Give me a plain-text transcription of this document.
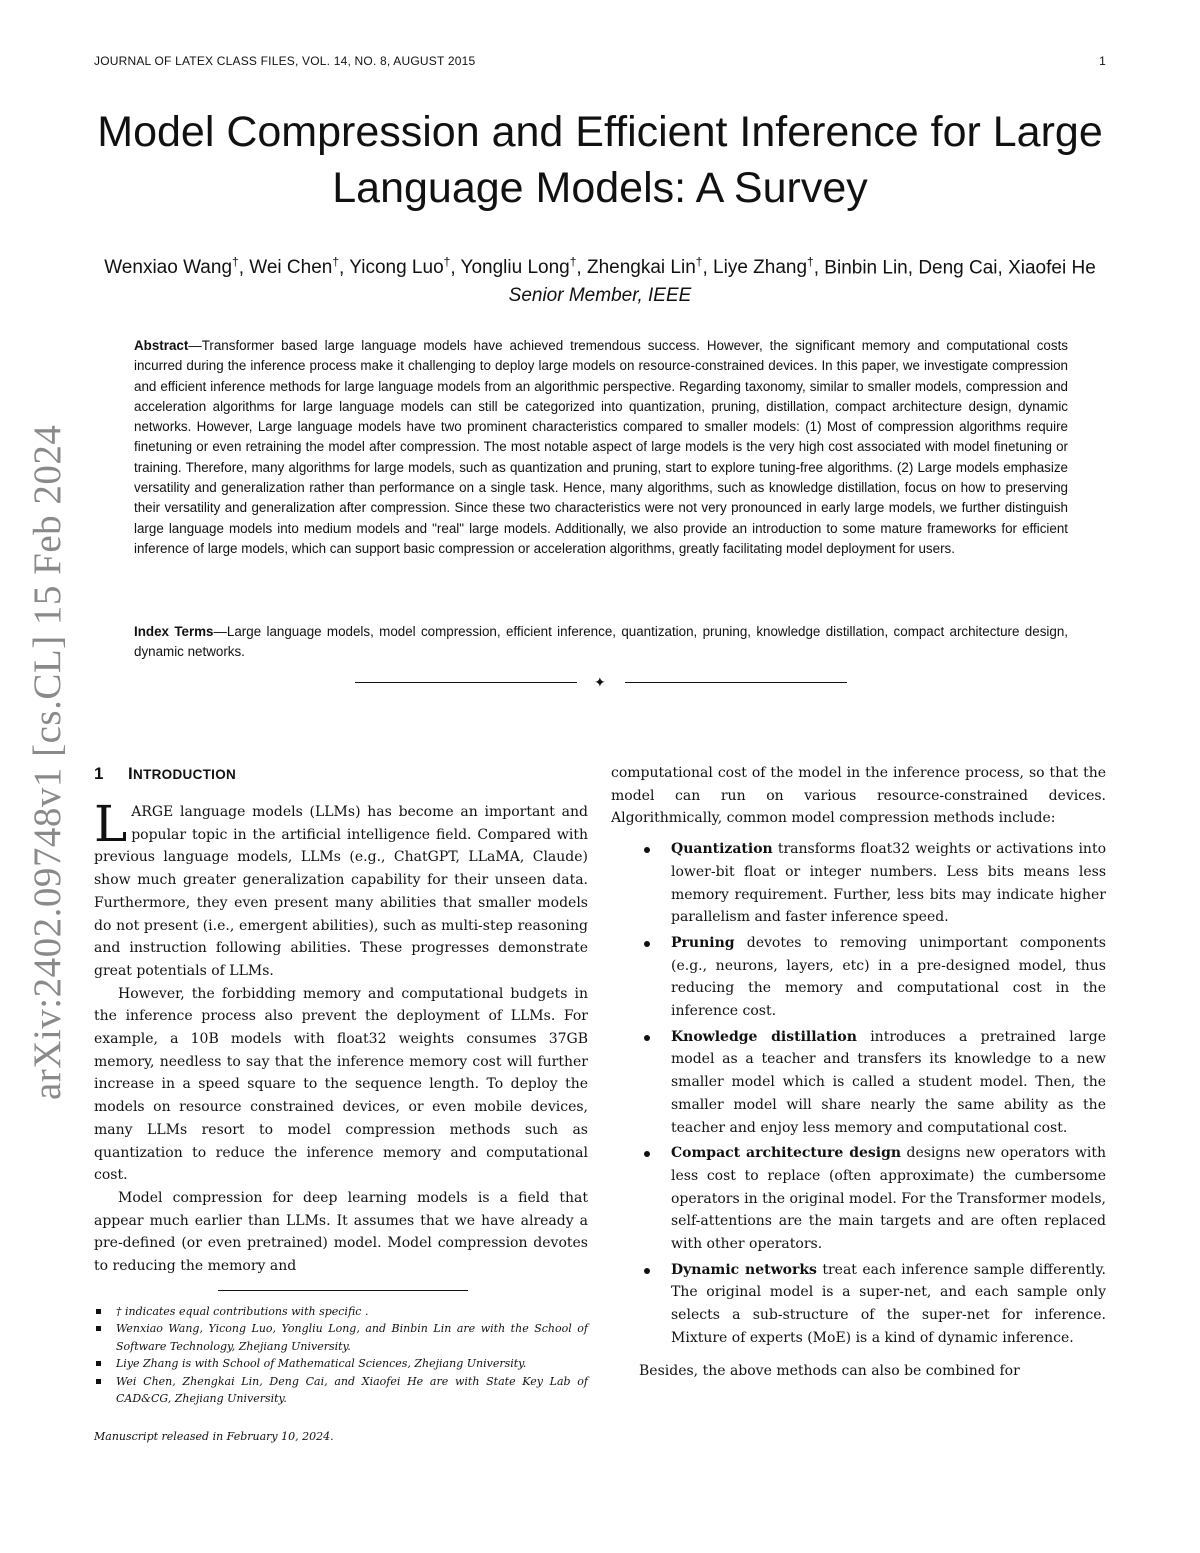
JOURNAL OF LATEX CLASS FILES, VOL. 14, NO. 8, AUGUST 2015	1
arXiv:2402.09748v1 [cs.CL] 15 Feb 2024
Model Compression and Efficient Inference for Large Language Models: A Survey
Wenxiao Wang†, Wei Chen†, Yicong Luo†, Yongliu Long†, Zhengkai Lin†, Liye Zhang†, Binbin Lin, Deng Cai, Xiaofei He Senior Member, IEEE
Abstract—Transformer based large language models have achieved tremendous success. However, the significant memory and computational costs incurred during the inference process make it challenging to deploy large models on resource-constrained devices. In this paper, we investigate compression and efficient inference methods for large language models from an algorithmic perspective. Regarding taxonomy, similar to smaller models, compression and acceleration algorithms for large language models can still be categorized into quantization, pruning, distillation, compact architecture design, dynamic networks. However, Large language models have two prominent characteristics compared to smaller models: (1) Most of compression algorithms require finetuning or even retraining the model after compression. The most notable aspect of large models is the very high cost associated with model finetuning or training. Therefore, many algorithms for large models, such as quantization and pruning, start to explore tuning-free algorithms. (2) Large models emphasize versatility and generalization rather than performance on a single task. Hence, many algorithms, such as knowledge distillation, focus on how to preserving their versatility and generalization after compression. Since these two characteristics were not very pronounced in early large models, we further distinguish large language models into medium models and "real" large models. Additionally, we also provide an introduction to some mature frameworks for efficient inference of large models, which can support basic compression or acceleration algorithms, greatly facilitating model deployment for users.
Index Terms—Large language models, model compression, efficient inference, quantization, pruning, knowledge distillation, compact architecture design, dynamic networks.
✦
1 INTRODUCTION

LARGE language models (LLMs) has become an important and popular topic in the artificial intelligence field. Compared with previous language models, LLMs (e.g., ChatGPT, LLaMA, Claude) show much greater generalization capability for their unseen data. Furthermore, they even present many abilities that smaller models do not present (i.e., emergent abilities), such as multi-step reasoning and instruction following abilities. These progresses demonstrate great potentials of LLMs.

However, the forbidding memory and computational budgets in the inference process also prevent the deployment of LLMs. For example, a 10B models with float32 weights consumes 37GB memory, needless to say that the inference memory cost will further increase in a speed square to the sequence length. To deploy the models on resource constrained devices, or even mobile devices, many LLMs resort to model compression methods such as quantization to reduce the inference memory and computational cost.

Model compression for deep learning models is a field that appear much earlier than LLMs. It assumes that we have already a pre-defined (or even pretrained) model. Model compression devotes to reducing the memory and

† indicates equal contributions with specific .
Wenxiao Wang, Yicong Luo, Yongliu Long, and Binbin Lin are with the School of Software Technology, Zhejiang University.
Liye Zhang is with School of Mathematical Sciences, Zhejiang University.
Wei Chen, Zhengkai Lin, Deng Cai, and Xiaofei He are with State Key Lab of CAD&CG, Zhejiang University.
Manuscript released in February 10, 2024.

computational cost of the model in the inference process, so that the model can run on various resource-constrained devices. Algorithmically, common model compression methods include:

Quantization transforms float32 weights or activations into lower-bit float or integer numbers. Less bits means less memory requirement. Further, less bits may indicate higher parallelism and faster inference speed.
Pruning devotes to removing unimportant components (e.g., neurons, layers, etc) in a pre-designed model, thus reducing the memory and computational cost in the inference cost.
Knowledge distillation introduces a pretrained large model as a teacher and transfers its knowledge to a new smaller model which is called a student model. Then, the smaller model will share nearly the same ability as the teacher and enjoy less memory and computational cost.
Compact architecture design designs new operators with less cost to replace (often approximate) the cumbersome operators in the original model. For the Transformer models, self-attentions are the main targets and are often replaced with other operators.
Dynamic networks treat each inference sample differently. The original model is a super-net, and each sample only selects a sub-structure of the super-net for inference. Mixture of experts (MoE) is a kind of dynamic inference.

Besides, the above methods can also be combined for
